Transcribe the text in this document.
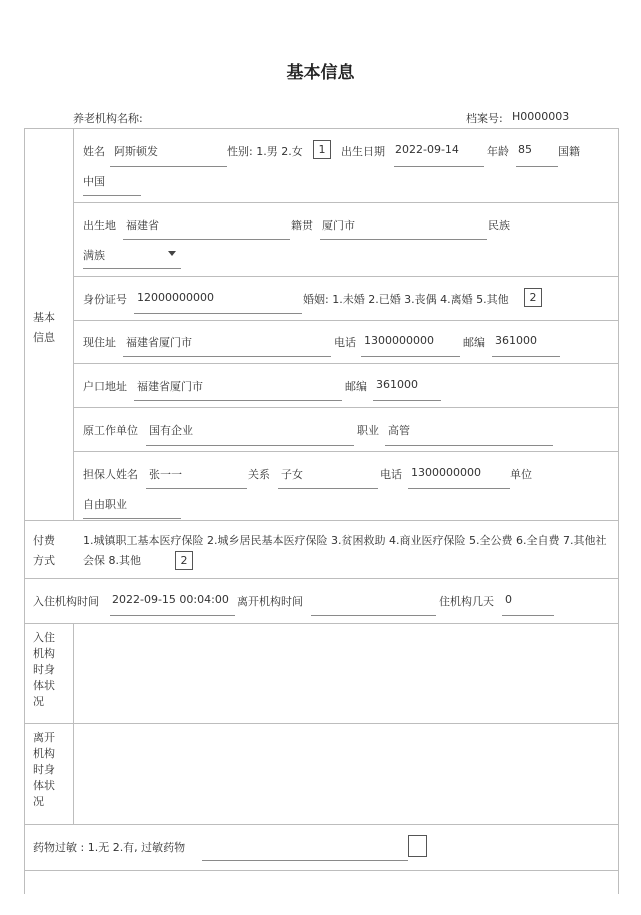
基本信息
养老机构名称:	档案号: H0000003
基本
信息
姓名 阿斯顿发	性别: 1.男 2.女	1	出生日期 2022-09-14	年龄 85 国籍
中国
出生地 福建省	籍贯 厦门市	民族
满族
身份证号 12000000000	婚姻: 1.未婚 2.已婚 3.丧偶 4.离婚 5.其他	2
现住址 福建省厦门市	电话 1300000000	邮编 361000
户口地址 福建省厦门市	邮编 361000
原工作单位 国有企业	职业 高管
担保人姓名 张一一	关系 子女	电话 1300000000	单位
自由职业
付费
方式
1.城镇职工基本医疗保险 2.城乡居民基本医疗保险 3.贫困救助 4.商业医疗保险 5.全公费 6.全自费 7.其他社会保 8.其他	2
入住机构时间 2022-09-15 00:04:00 离开机构时间	住机构几天 0
入住
机构
时身
体状
况
离开
机构
时身
体状
况
药物过敏 : 1.无 2.有, 过敏药物
